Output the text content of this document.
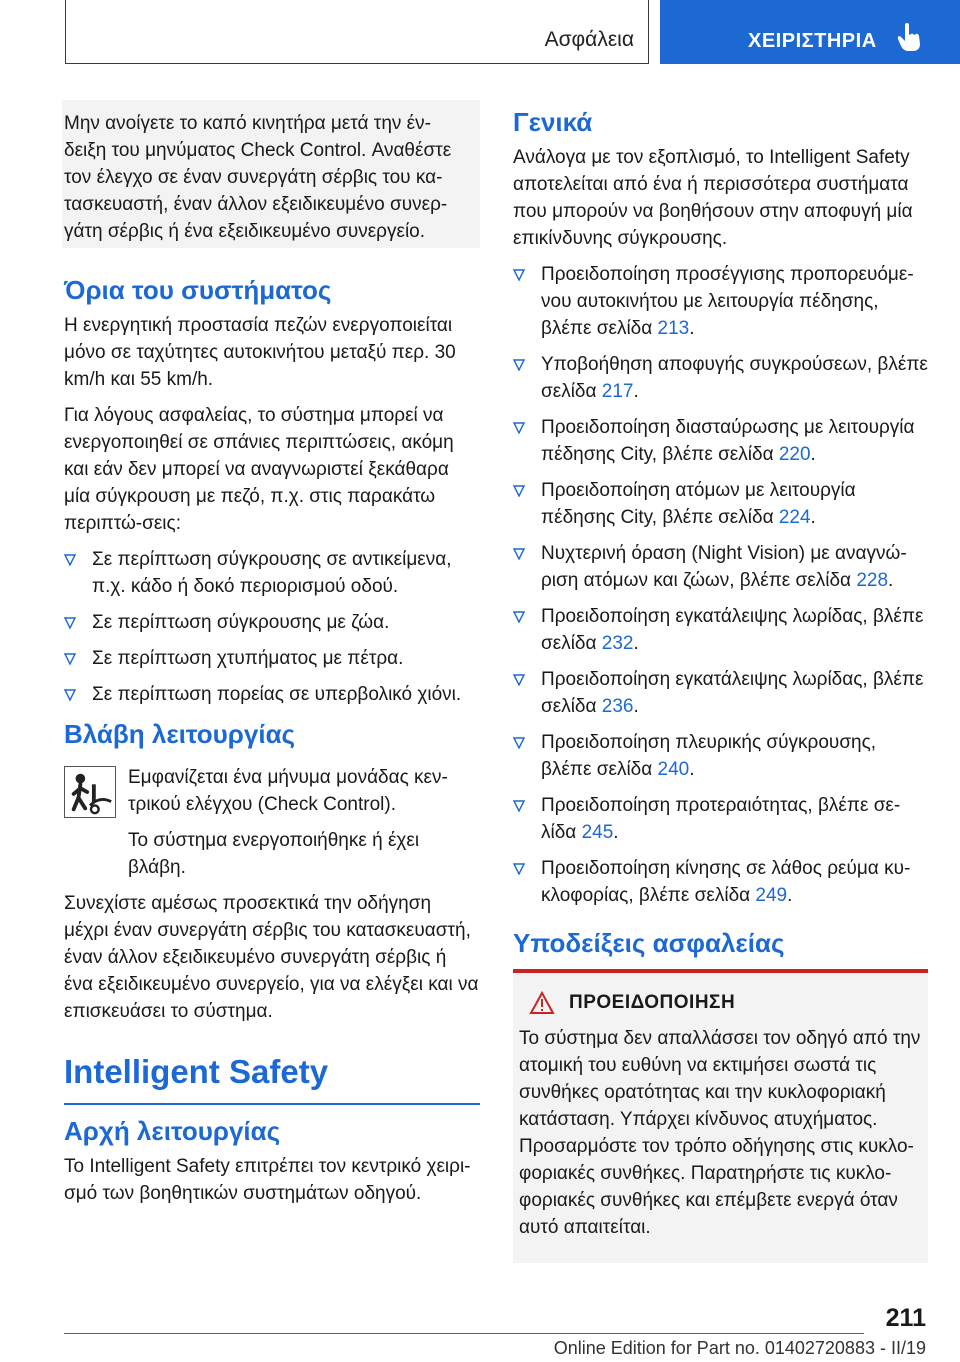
Ασφάλεια	ΧΕΙΡΙΣΤΗΡΙΑ

Μην ανοίγετε το καπό κινητήρα μετά την έν-δειξη του μηνύματος Check Control. Αναθέστε τον έλεγχο σε έναν συνεργάτη σέρβις του κα-τασκευαστή, έναν άλλον εξειδικευμένο συνερ-γάτη σέρβις ή ένα εξειδικευμένο συνεργείο.

Όρια του συστήματος

Η ενεργητική προστασία πεζών ενεργοποιείται μόνο σε ταχύτητες αυτοκινήτου μεταξύ περ. 30 km/h και 55 km/h.

Για λόγους ασφαλείας, το σύστημα μπορεί να ενεργοποιηθεί σε σπάνιες περιπτώσεις, ακόμη και εάν δεν μπορεί να αναγνωριστεί ξεκάθαρα μία σύγκρουση με πεζό, π.χ. στις παρακάτω περιπτώ-σεις:

Σε περίπτωση σύγκρουσης σε αντικείμενα, π.χ. κάδο ή δοκό περιορισμού οδού.
Σε περίπτωση σύγκρουσης με ζώα.
Σε περίπτωση χτυπήματος με πέτρα.
Σε περίπτωση πορείας σε υπερβολικό χιόνι.
Βλάβη λειτουργίας

Εμφανίζεται ένα μήνυμα μονάδας κεν-τρικού ελέγχου (Check Control).

Το σύστημα ενεργοποιήθηκε ή έχει βλάβη.

Συνεχίστε αμέσως προσεκτικά την οδήγηση μέχρι έναν συνεργάτη σέρβις του κατασκευαστή, έναν άλλον εξειδικευμένο συνεργάτη σέρβις ή ένα εξειδικευμένο συνεργείο, για να ελέγξει και να επισκευάσει το σύστημα.

Intelligent Safety
Αρχή λειτουργίας

Το Intelligent Safety επιτρέπει τον κεντρικό χειρι-σμό των βοηθητικών συστημάτων οδηγού.

Γενικά

Ανάλογα με τον εξοπλισμό, το Intelligent Safety αποτελείται από ένα ή περισσότερα συστήματα που μπορούν να βοηθήσουν στην αποφυγή μία επικίνδυνης σύγκρουσης.

Προειδοποίηση προσέγγισης προπορευόμε-νου αυτοκινήτου με λειτουργία πέδησης, βλέπε σελίδα 213.
Υποβοήθηση αποφυγής συγκρούσεων, βλέπε σελίδα 217.
Προειδοποίηση διασταύρωσης με λειτουργία πέδησης City, βλέπε σελίδα 220.
Προειδοποίηση ατόμων με λειτουργία πέδησης City, βλέπε σελίδα 224.
Νυχτερινή όραση (Night Vision) με αναγνώ-ριση ατόμων και ζώων, βλέπε σελίδα 228.
Προειδοποίηση εγκατάλειψης λωρίδας, βλέπε σελίδα 232.
Προειδοποίηση εγκατάλειψης λωρίδας, βλέπε σελίδα 236.
Προειδοποίηση πλευρικής σύγκρουσης, βλέπε σελίδα 240.
Προειδοποίηση προτεραιότητας, βλέπε σε-λίδα 245.
Προειδοποίηση κίνησης σε λάθος ρεύμα κυ-κλοφορίας, βλέπε σελίδα 249.
Υποδείξεις ασφαλείας
ΠΡΟΕΙΔΟΠΟΙΗΣΗ

Το σύστημα δεν απαλλάσσει τον οδηγό από την ατομική του ευθύνη να εκτιμήσει σωστά τις συνθήκες ορατότητας και την κυκλοφοριακή κατάσταση. Υπάρχει κίνδυνος ατυχήματος.

Προσαρμόστε τον τρόπο οδήγησης στις κυκλο-φοριακές συνθήκες. Παρατηρήστε τις κυκλο-φοριακές συνθήκες και επέμβετε ενεργά όταν αυτό απαιτείται.

211
Online Edition for Part no. 01402720883 - II/19
